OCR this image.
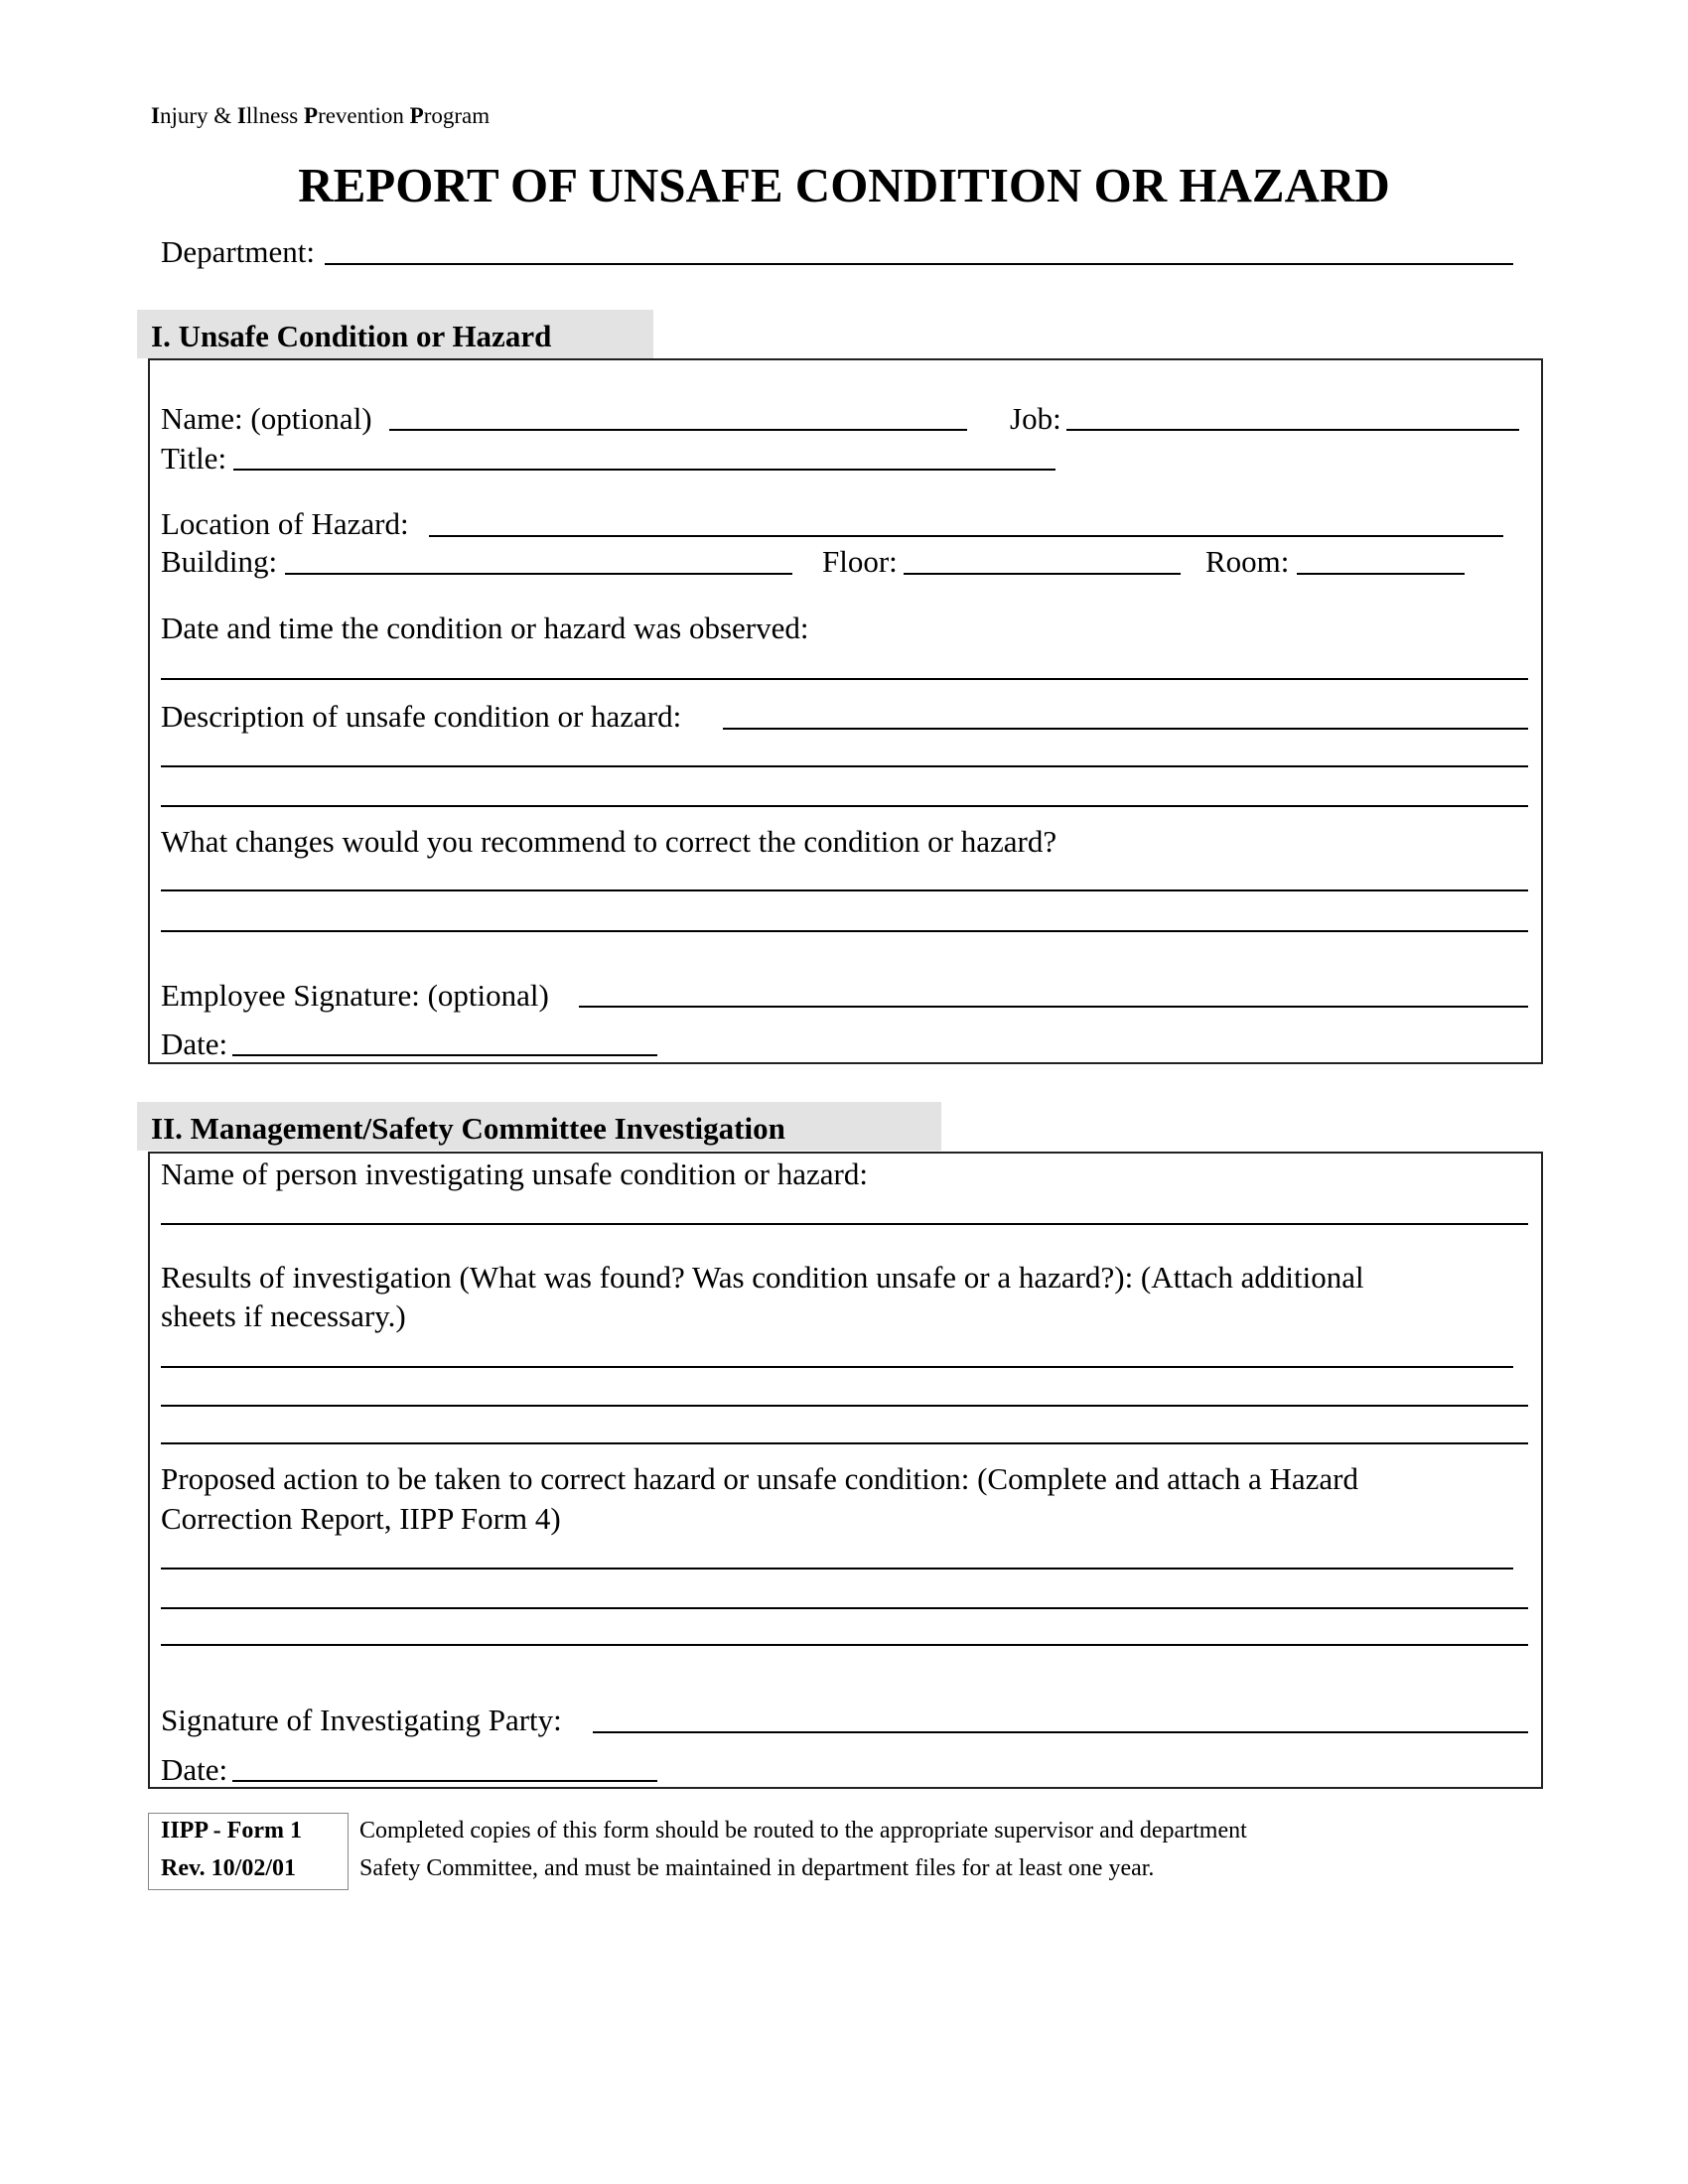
Injury & Illness Prevention Program
REPORT OF UNSAFE CONDITION OR HAZARD
Department:
I. Unsafe Condition or Hazard
Name: (optional)	Job:
Title:
Location of Hazard:
Building:	Floor:	Room:
Date and time the condition or hazard was observed:
Description of unsafe condition or hazard:
What changes would you recommend to correct the condition or hazard?
Employee Signature: (optional)
Date:
II. Management/Safety Committee Investigation
Name of person investigating unsafe condition or hazard:
Results of investigation (What was found? Was condition unsafe or a hazard?): (Attach additional
sheets if necessary.)
Proposed action to be taken to correct hazard or unsafe condition: (Complete and attach a Hazard
Correction Report, IIPP Form 4)
Signature of Investigating Party:
Date:
IIPP - Form 1
Rev. 10/02/01
Completed copies of this form should be routed to the appropriate supervisor and department
Safety Committee, and must be maintained in department files for at least one year.
